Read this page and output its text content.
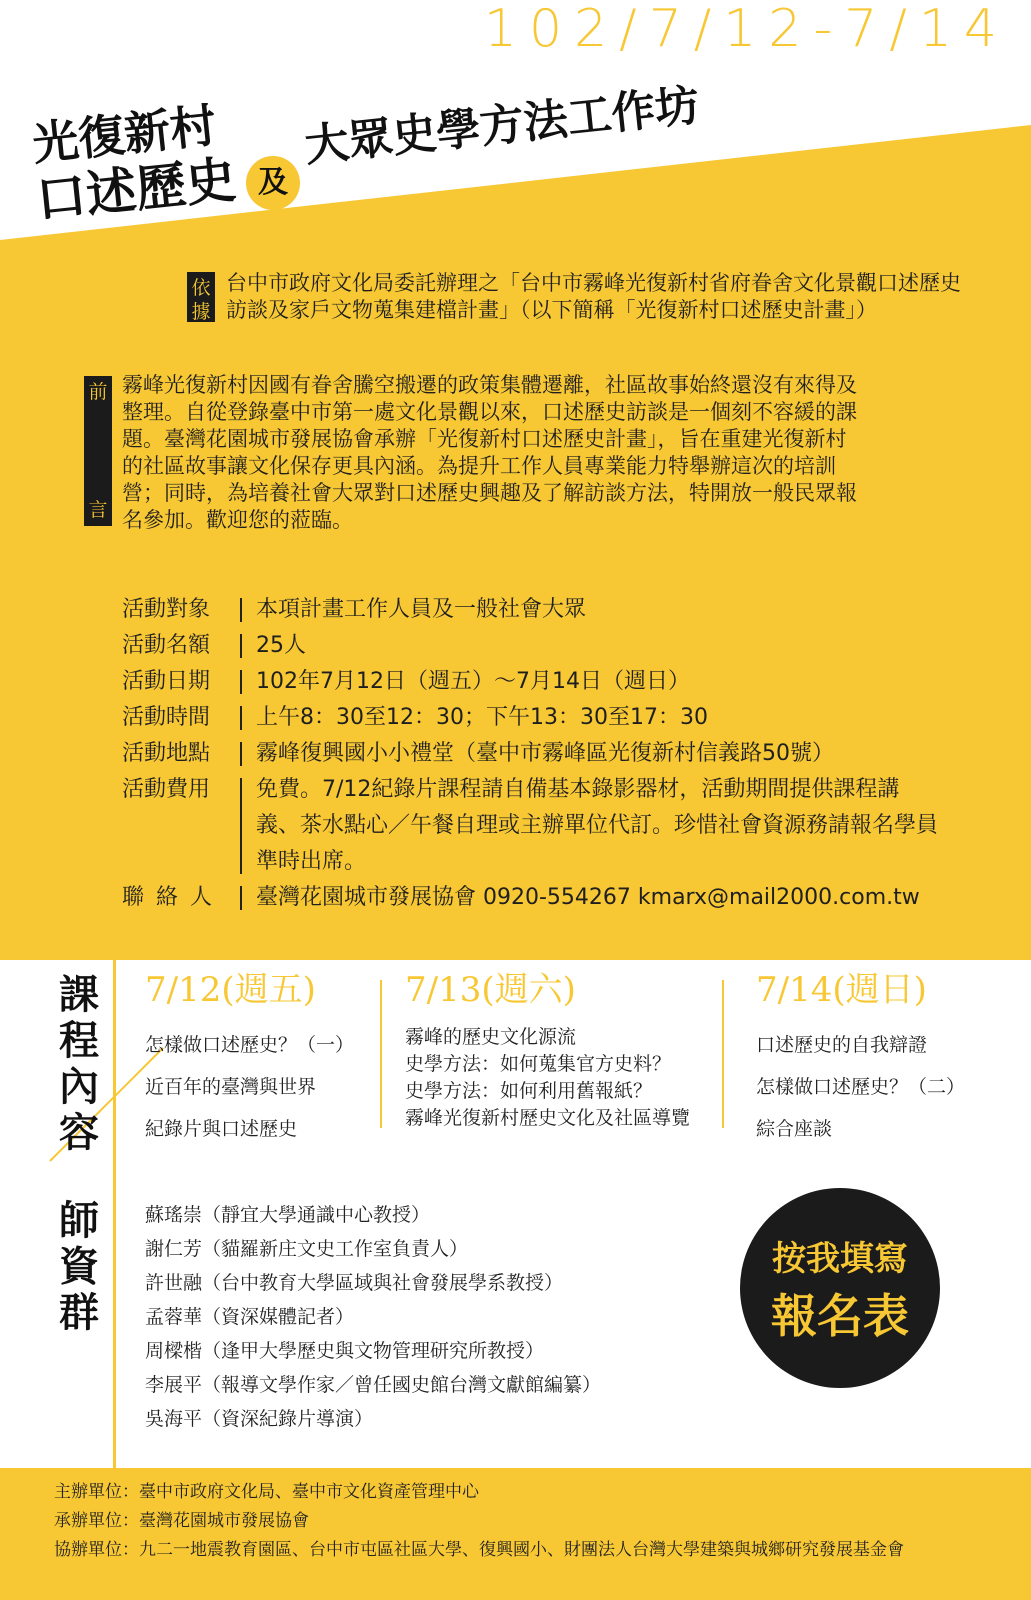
102/7/12-7/14
光復新村
口述歷史 及
大眾史學方法工作坊
依據
台中市政府文化局委託辦理之「台中市霧峰光復新村省府眷舍文化景觀口述歷史訪談及家戶文物蒐集建檔計畫」（以下簡稱「光復新村口述歷史計畫」）
前
言
霧峰光復新村因國有眷舍騰空搬遷的政策集體遷離，社區故事始終還沒有來得及整理。自從登錄臺中市第一處文化景觀以來，口述歷史訪談是一個刻不容緩的課題。臺灣花園城市發展協會承辦「光復新村口述歷史計畫」，旨在重建光復新村的社區故事讓文化保存更具內涵。為提升工作人員專業能力特舉辦這次的培訓營；同時，為培養社會大眾對口述歷史興趣及了解訪談方法，特開放一般民眾報名參加。歡迎您的蒞臨。
活動對象	本項計畫工作人員及一般社會大眾
活動名額	25人
活動日期	102年7月12日（週五）～7月14日（週日）
活動時間	上午8：30至12：30；下午13：30至17：30
活動地點	霧峰復興國小小禮堂（臺中市霧峰區光復新村信義路50號）
活動費用	免費。7/12紀錄片課程請自備基本錄影器材，活動期間提供課程講義、茶水點心／午餐自理或主辦單位代訂。珍惜社會資源務請報名學員準時出席。
聯絡人	臺灣花園城市發展協會 0920-554267 kmarx@mail2000.com.tw
課程內容
7/12(週五)
怎樣做口述歷史？（一）
近百年的臺灣與世界
紀錄片與口述歷史
7/13(週六)
霧峰的歷史文化源流
史學方法：如何蒐集官方史料？
史學方法：如何利用舊報紙？
霧峰光復新村歷史文化及社區導覽
7/14(週日)
口述歷史的自我辯證
怎樣做口述歷史？（二）
綜合座談
師資群
蘇瑤崇（靜宜大學通識中心教授）
謝仁芳（貓羅新庄文史工作室負責人）
許世融（台中教育大學區域與社會發展學系教授）
孟蓉華（資深媒體記者）
周樑楷（逢甲大學歷史與文物管理研究所教授）
李展平（報導文學作家／曾任國史館台灣文獻館編纂）
吳海平（資深紀錄片導演）
按我填寫
報名表
主辦單位：臺中市政府文化局、臺中市文化資產管理中心
承辦單位：臺灣花園城市發展協會
協辦單位：九二一地震教育園區、台中市屯區社區大學、復興國小、財團法人台灣大學建築與城鄉研究發展基金會
